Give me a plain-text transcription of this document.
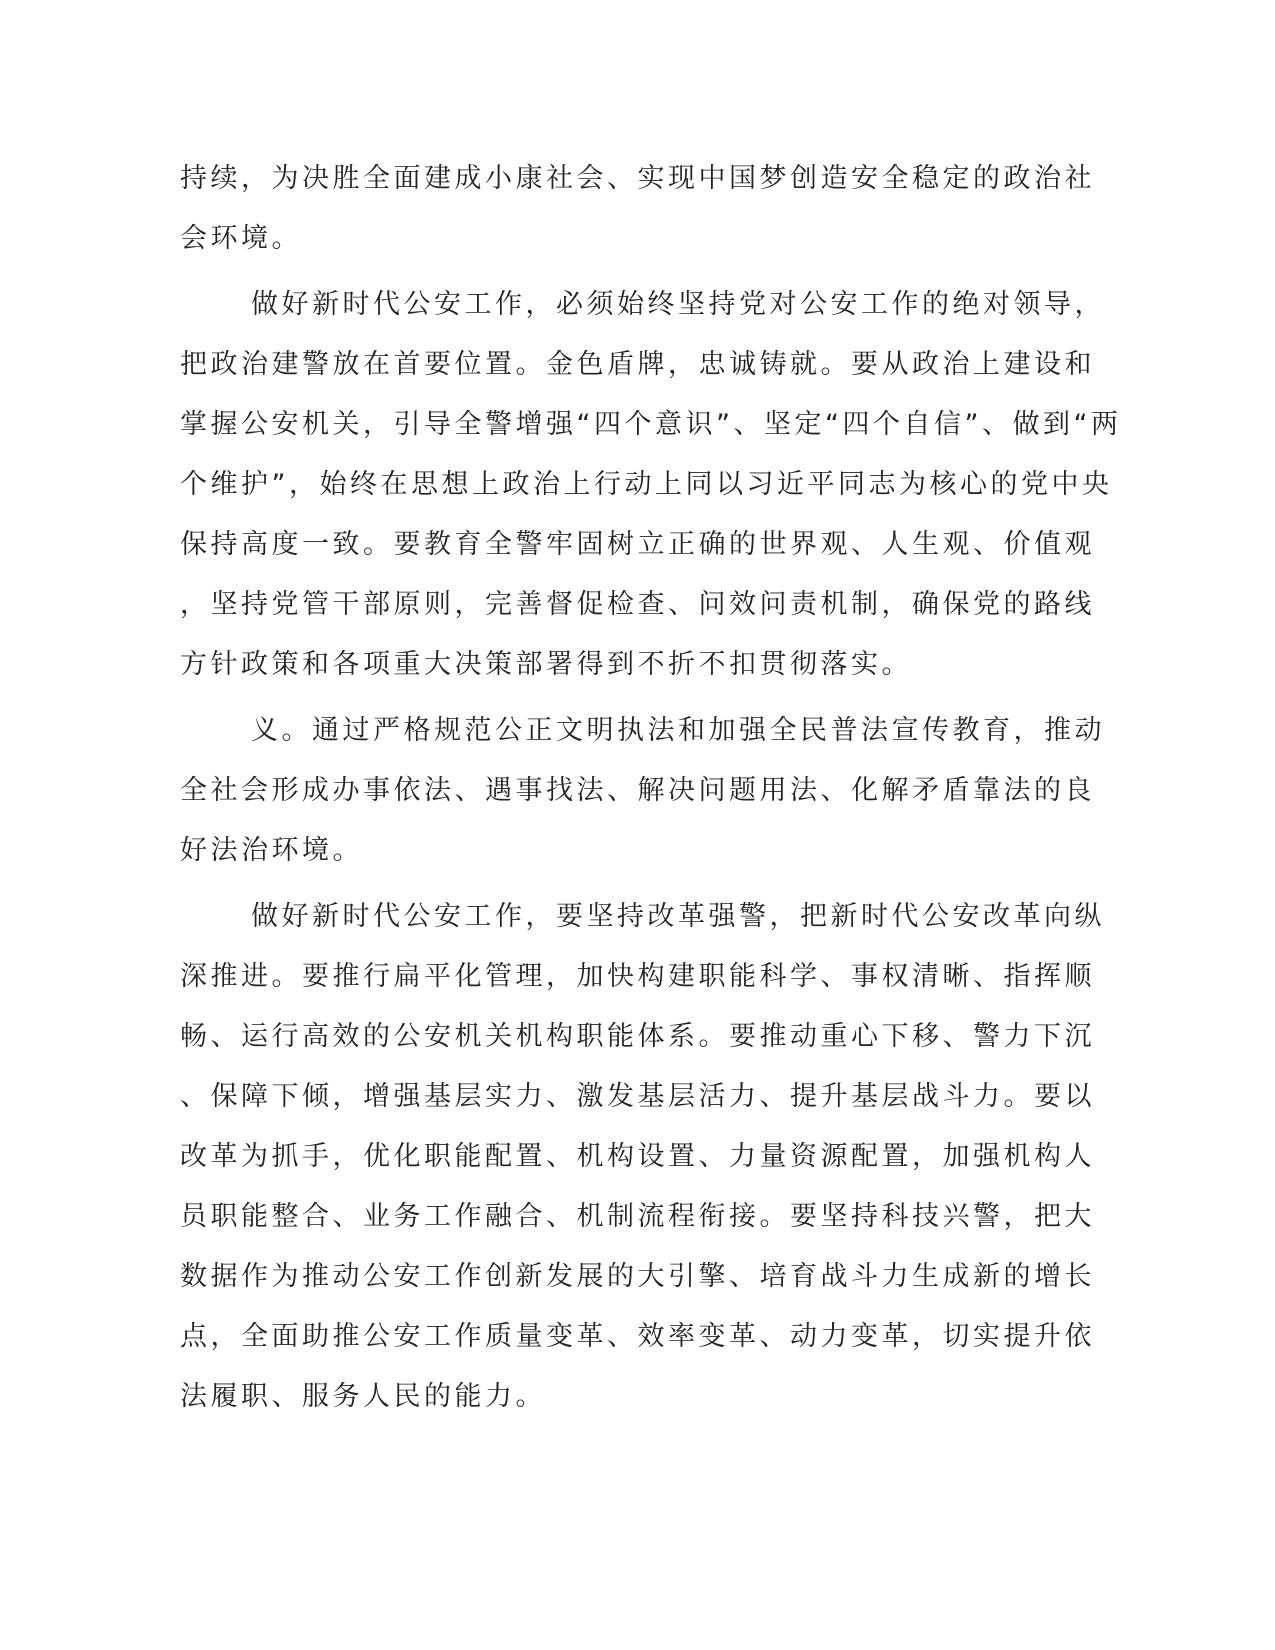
持续，为决胜全面建成小康社会、实现中国梦创造安全稳定的政治社

会环境。

做好新时代公安工作，必须始终坚持党对公安工作的绝对领导，

把政治建警放在首要位置。金色盾牌，忠诚铸就。要从政治上建设和

掌握公安机关，引导全警增强“四个意识”、坚定“四个自信”、做到“两

个维护”，始终在思想上政治上行动上同以习近平同志为核心的党中央

保持高度一致。要教育全警牢固树立正确的世界观、人生观、价值观

，坚持党管干部原则，完善督促检查、问效问责机制，确保党的路线

方针政策和各项重大决策部署得到不折不扣贯彻落实。

义。通过严格规范公正文明执法和加强全民普法宣传教育，推动

全社会形成办事依法、遇事找法、解决问题用法、化解矛盾靠法的良

好法治环境。

做好新时代公安工作，要坚持改革强警，把新时代公安改革向纵

深推进。要推行扁平化管理，加快构建职能科学、事权清晰、指挥顺

畅、运行高效的公安机关机构职能体系。要推动重心下移、警力下沉

、保障下倾，增强基层实力、激发基层活力、提升基层战斗力。要以

改革为抓手，优化职能配置、机构设置、力量资源配置，加强机构人

员职能整合、业务工作融合、机制流程衔接。要坚持科技兴警，把大

数据作为推动公安工作创新发展的大引擎、培育战斗力生成新的增长

点，全面助推公安工作质量变革、效率变革、动力变革，切实提升依

法履职、服务人民的能力。
